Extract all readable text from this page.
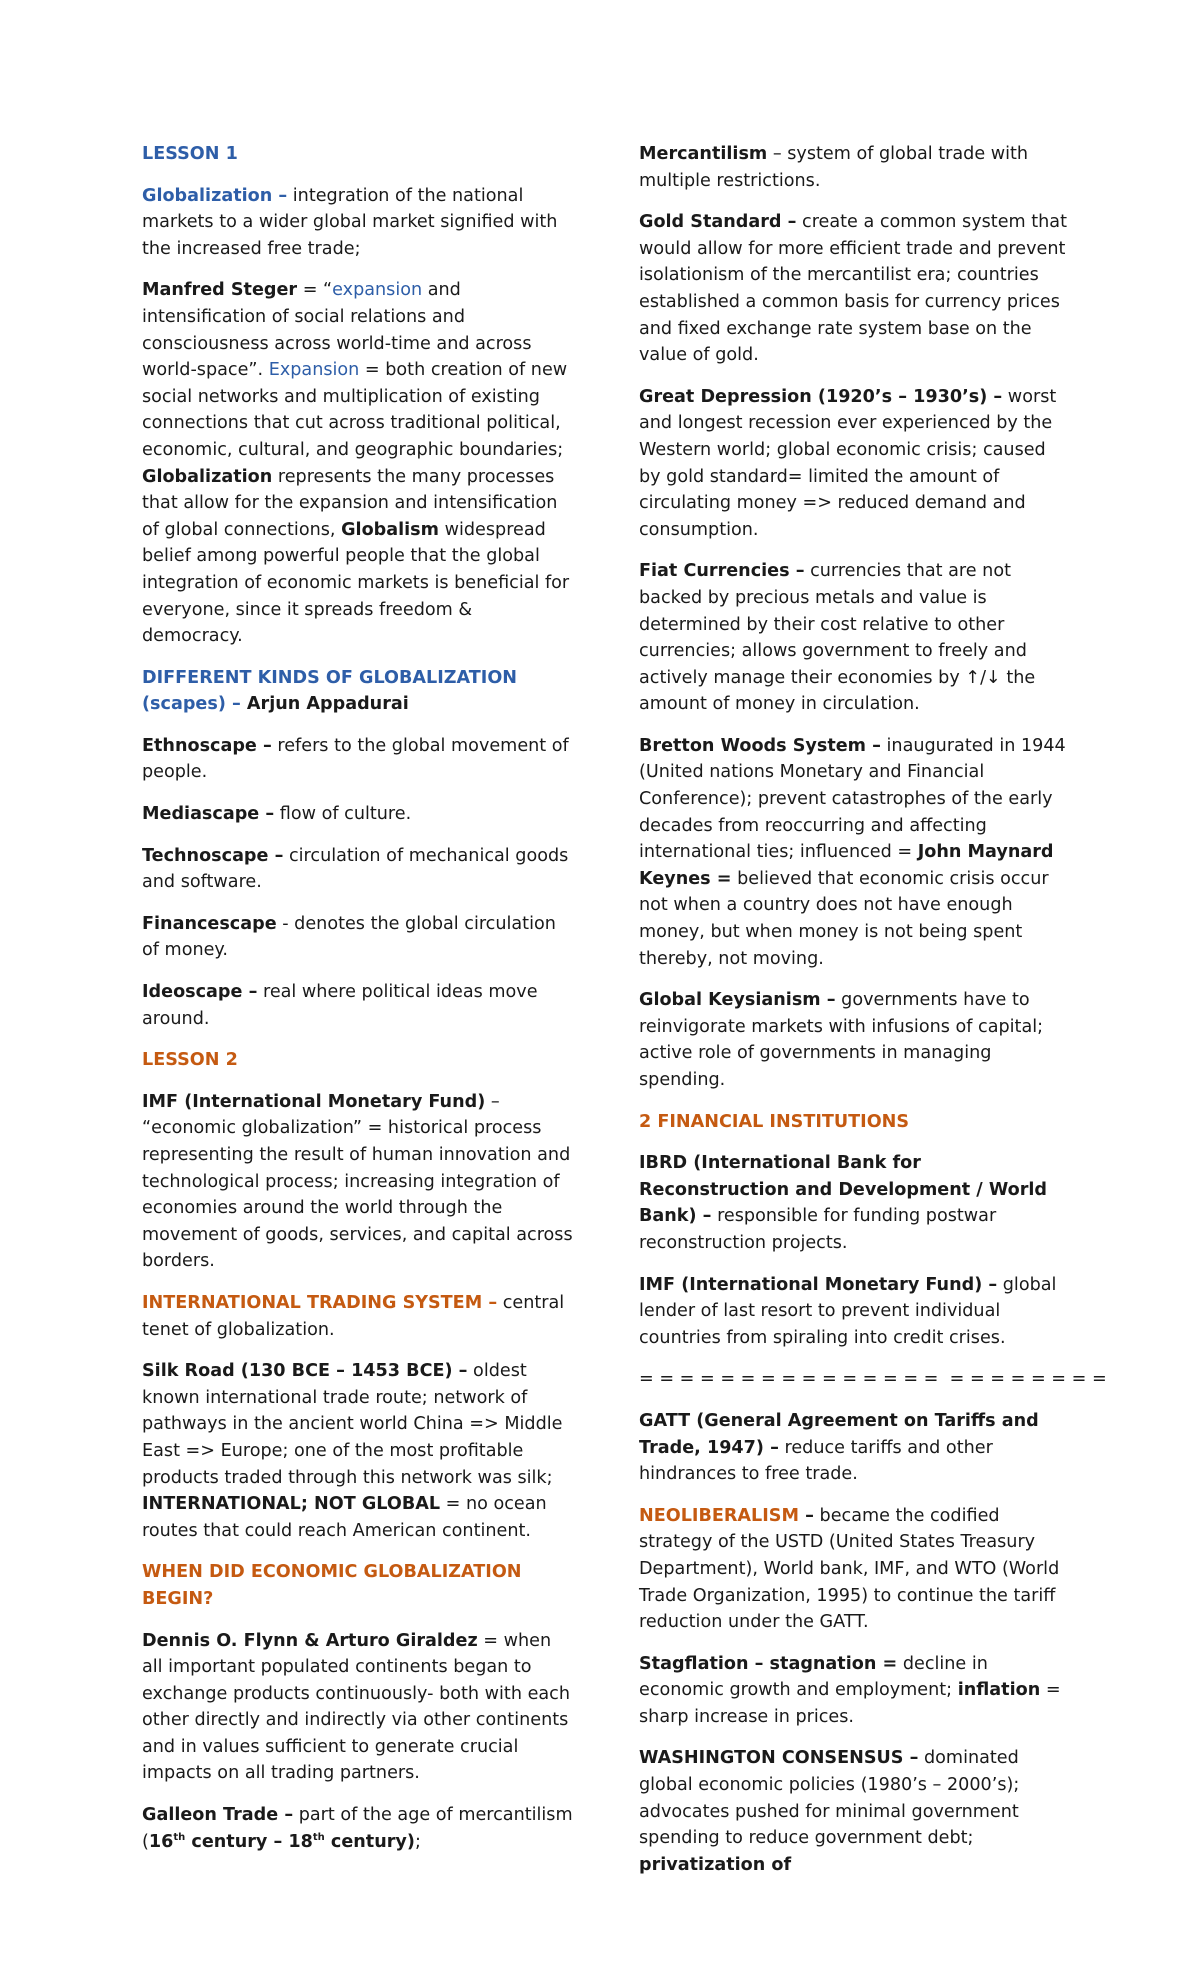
LESSON 1

Globalization – integration of the national markets to a wider global market signified with the increased free trade;

Manfred Steger = “expansion and intensification of social relations and consciousness across world-time and across world-space”. Expansion = both creation of new social networks and multiplication of existing connections that cut across traditional political, economic, cultural, and geographic boundaries; Globalization represents the many processes that allow for the expansion and intensification of global connections, Globalism widespread belief among powerful people that the global integration of economic markets is beneficial for everyone, since it spreads freedom & democracy.

DIFFERENT KINDS OF GLOBALIZATION (scapes) – Arjun Appadurai

Ethnoscape – refers to the global movement of people.

Mediascape – flow of culture.

Technoscape – circulation of mechanical goods and software.

Financescape - denotes the global circulation of money.

Ideoscape – real where political ideas move around.

LESSON 2

IMF (International Monetary Fund) – “economic globalization” = historical process representing the result of human innovation and technological process; increasing integration of economies around the world through the movement of goods, services, and capital across borders.

INTERNATIONAL TRADING SYSTEM – central tenet of globalization.

Silk Road (130 BCE – 1453 BCE) – oldest known international trade route; network of pathways in the ancient world China => Middle East => Europe; one of the most profitable products traded through this network was silk; INTERNATIONAL; NOT GLOBAL = no ocean routes that could reach American continent.

WHEN DID ECONOMIC GLOBALIZATION BEGIN?

Dennis O. Flynn & Arturo Giraldez = when all important populated continents began to exchange products continuously- both with each other directly and indirectly via other continents and in values sufficient to generate crucial impacts on all trading partners.

Galleon Trade – part of the age of mercantilism (16th century – 18th century);

Mercantilism – system of global trade with multiple restrictions.

Gold Standard – create a common system that would allow for more efficient trade and prevent isolationism of the mercantilist era; countries established a common basis for currency prices and fixed exchange rate system base on the value of gold.

Great Depression (1920’s – 1930’s) – worst and longest recession ever experienced by the Western world; global economic crisis; caused by gold standard= limited the amount of circulating money => reduced demand and consumption.

Fiat Currencies – currencies that are not backed by precious metals and value is determined by their cost relative to other currencies; allows government to freely and actively manage their economies by ↑/↓ the amount of money in circulation.

Bretton Woods System – inaugurated in 1944 (United nations Monetary and Financial Conference); prevent catastrophes of the early decades from reoccurring and affecting international ties; influenced = John Maynard Keynes = believed that economic crisis occur not when a country does not have enough money, but when money is not being spent thereby, not moving.

Global Keysianism – governments have to reinvigorate markets with infusions of capital; active role of governments in managing spending.

2 FINANCIAL INSTITUTIONS

IBRD (International Bank for Reconstruction and Development / World Bank) – responsible for funding postwar reconstruction projects.

IMF (International Monetary Fund) – global lender of last resort to prevent individual countries from spiraling into credit crises.

= = = = = = = = = = = = = = =  = = = = = = = =

GATT (General Agreement on Tariffs and Trade, 1947) – reduce tariffs and other hindrances to free trade.

NEOLIBERALISM – became the codified strategy of the USTD (United States Treasury Department), World bank, IMF, and WTO (World Trade Organization, 1995) to continue the tariff reduction under the GATT.

Stagflation – stagnation = decline in economic growth and employment; inflation = sharp increase in prices.

WASHINGTON CONSENSUS – dominated global economic policies (1980’s – 2000’s); advocates pushed for minimal government spending to reduce government debt; privatization of
